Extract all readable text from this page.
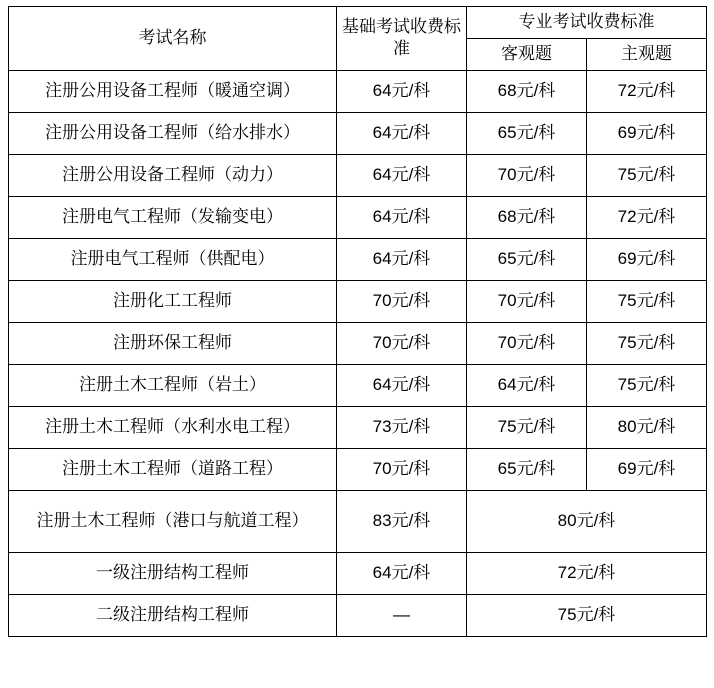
考试名称	基础考试收费标准	专业考试收费标准	
		客观题	主观题
注册公用设备工程师（暖通空调）	64元/科	68元/科	72元/科
注册公用设备工程师（给水排水）	64元/科	65元/科	69元/科
注册公用设备工程师（动力）	64元/科	70元/科	75元/科
注册电气工程师（发输变电）	64元/科	68元/科	72元/科
注册电气工程师（供配电）	64元/科	65元/科	69元/科
注册化工工程师	70元/科	70元/科	75元/科
注册环保工程师	70元/科	70元/科	75元/科
注册土木工程师（岩土）	64元/科	64元/科	75元/科
注册土木工程师（水利水电工程）	73元/科	75元/科	80元/科
注册土木工程师（道路工程）	70元/科	65元/科	69元/科
注册土木工程师（港口与航道工程）	83元/科	80元/科	
一级注册结构工程师	64元/科	72元/科	
二级注册结构工程师	—	75元/科	
